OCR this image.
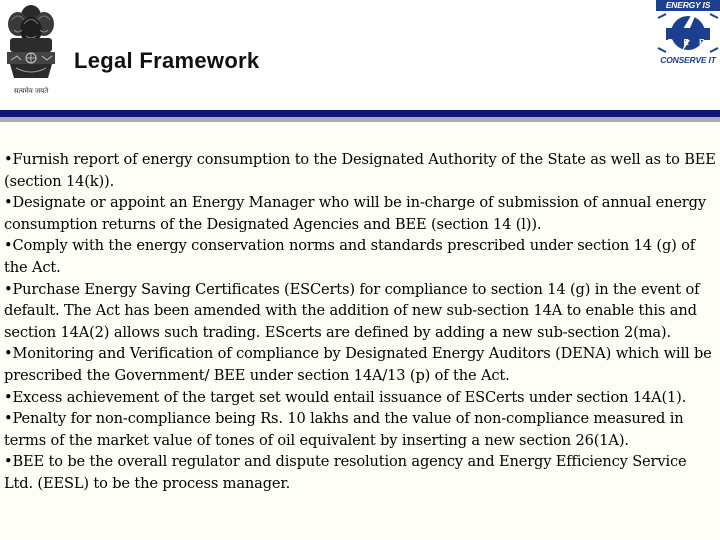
सत्यमेव जयते
Legal Framework
ENERGY IS
B E E
CONSERVE IT

•Furnish report of energy consumption to the Designated Authority of the State as well as to BEE (section 14(k)).

•Designate or appoint an Energy Manager who will be in-charge of submission of annual energy consumption returns of the Designated Agencies and BEE (section 14 (l)).

•Comply with the energy conservation norms and standards prescribed under section 14 (g) of the Act.

•Purchase Energy Saving Certificates (ESCerts) for compliance to section 14 (g) in the event of default. The Act has been amended with the addition of new sub-section 14A to enable this and section 14A(2) allows such trading. EScerts are defined by adding a new sub-section 2(ma).

•Monitoring and Verification of compliance by Designated Energy Auditors (DENA) which will be prescribed the Government/ BEE under section 14A/13 (p) of the Act.

•Excess achievement of the target set would entail issuance of ESCerts under section 14A(1).

•Penalty for non-compliance being Rs. 10 lakhs and the value of non-compliance measured in terms of the market value of tones of oil equivalent by inserting a new section 26(1A).

•BEE to be the overall regulator and dispute resolution agency and Energy Efficiency Service Ltd. (EESL) to be the process manager.
